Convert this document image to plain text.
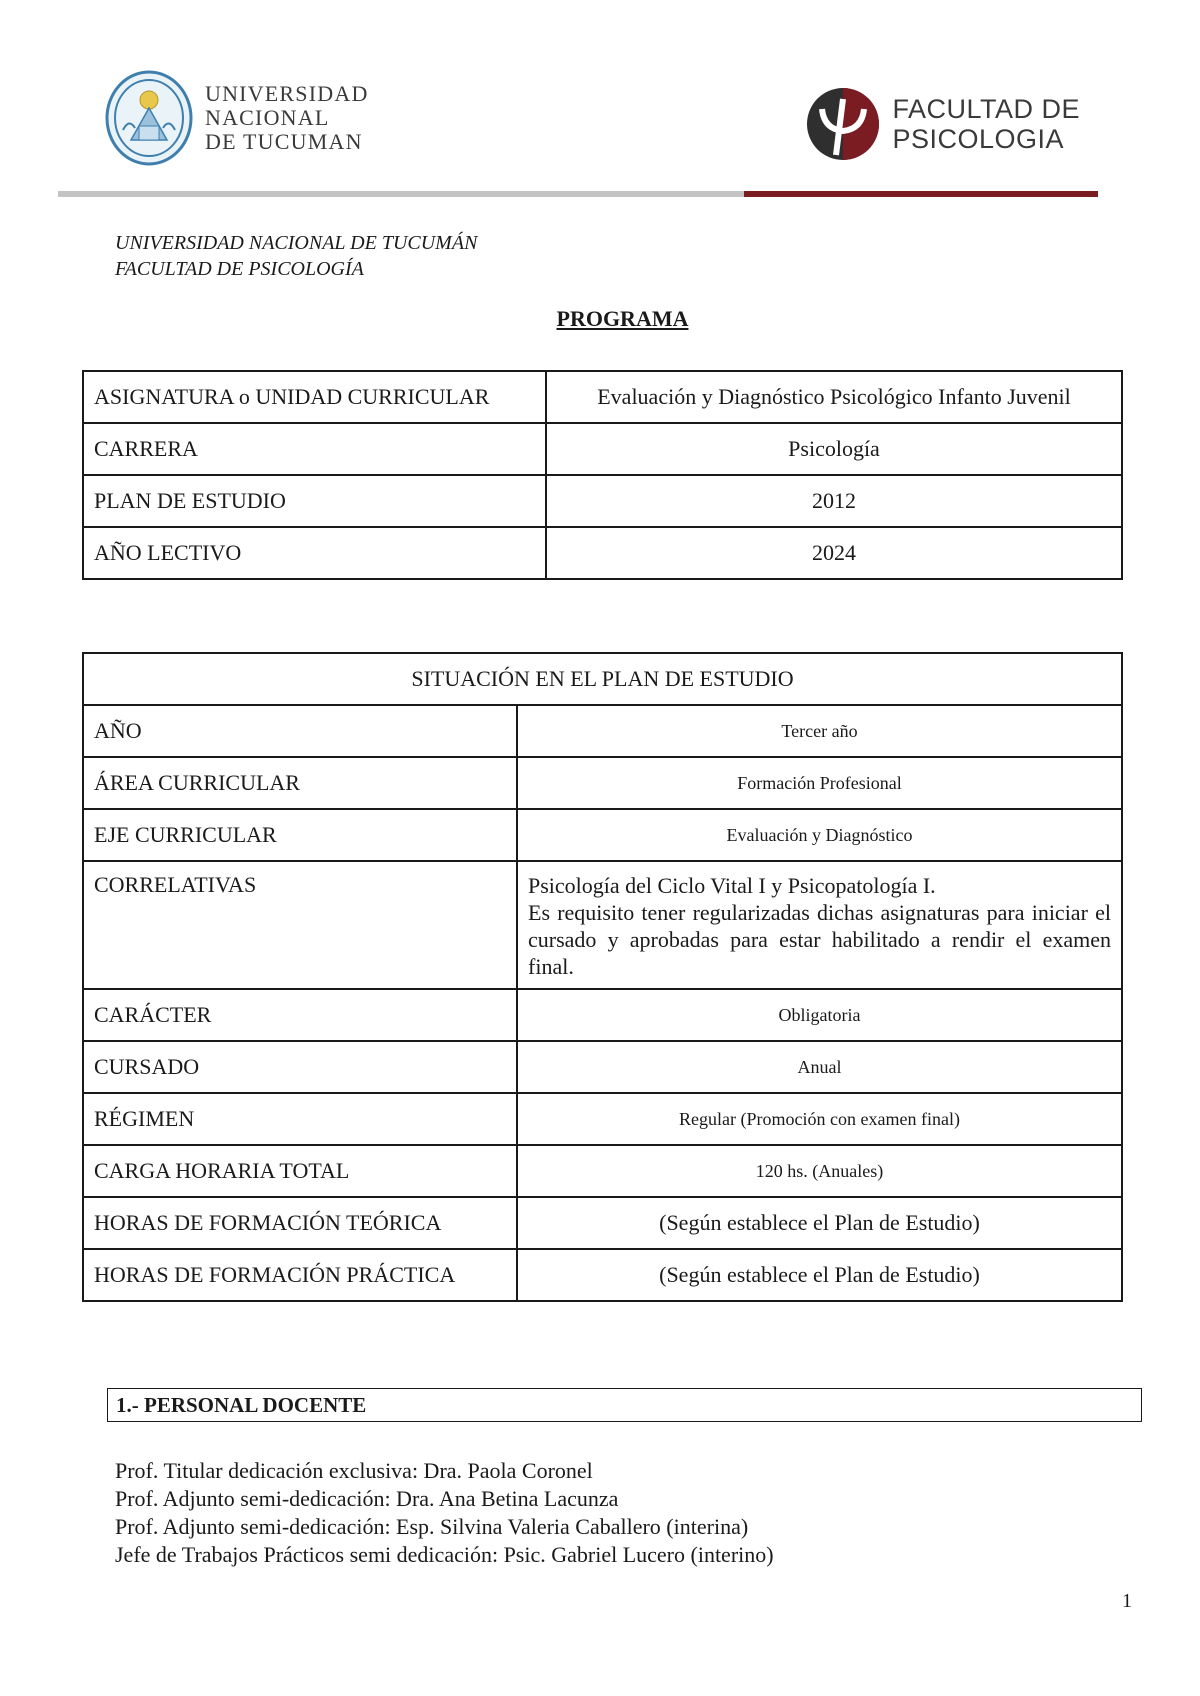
UNIVERSIDAD
NACIONAL
DE TUCUMAN
FACULTAD DE
PSICOLOGIA
UNIVERSIDAD NACIONAL DE TUCUMÁN
FACULTAD DE PSICOLOGÍA
PROGRAMA
ASIGNATURA o UNIDAD CURRICULAR	Evaluación y Diagnóstico Psicológico Infanto Juvenil
CARRERA	Psicología
PLAN DE ESTUDIO	2012
AÑO LECTIVO	2024
SITUACIÓN EN EL PLAN DE ESTUDIO	
AÑO	Tercer año
ÁREA CURRICULAR	Formación Profesional
EJE CURRICULAR	Evaluación y Diagnóstico
CORRELATIVAS	Psicología del Ciclo Vital I y Psicopatología I.
Es requisito tener regularizadas dichas asignaturas para iniciar el cursado y aprobadas para estar habilitado a rendir el examen final.

CARÁCTER	Obligatoria
CURSADO	Anual
RÉGIMEN	Regular (Promoción con examen final)
CARGA HORARIA TOTAL	120 hs. (Anuales)
HORAS DE FORMACIÓN TEÓRICA	(Según establece el Plan de Estudio)
HORAS DE FORMACIÓN PRÁCTICA	(Según establece el Plan de Estudio)
1.- PERSONAL DOCENTE
Prof. Titular dedicación exclusiva: Dra. Paola Coronel
Prof. Adjunto semi-dedicación: Dra. Ana Betina Lacunza
Prof. Adjunto semi-dedicación: Esp. Silvina Valeria Caballero (interina)
Jefe de Trabajos Prácticos semi dedicación: Psic. Gabriel Lucero (interino)
1
